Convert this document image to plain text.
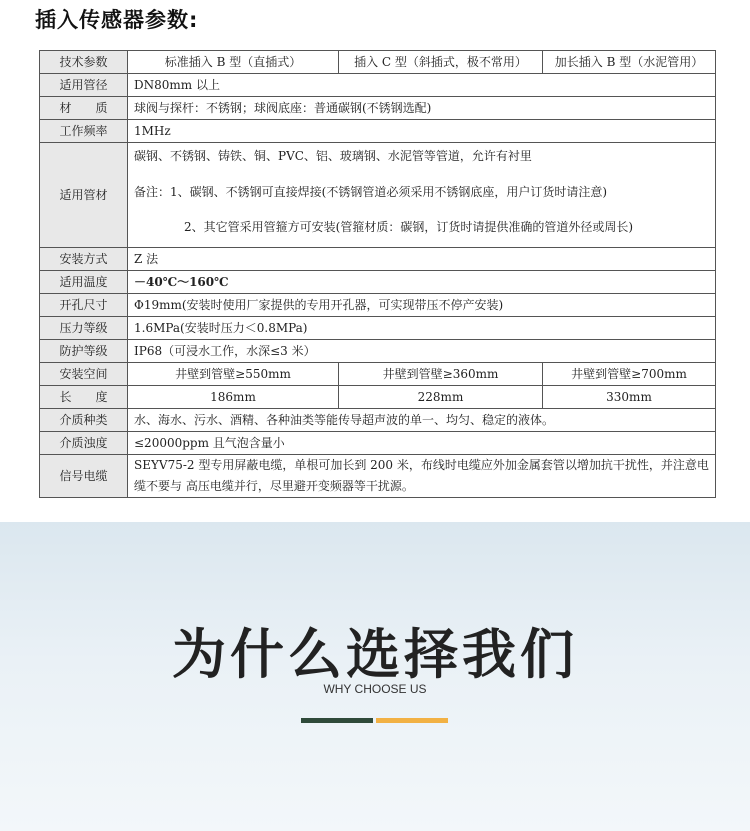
插入传感器参数:
技术参数	标准插入 B 型（直插式）	插入 C 型（斜插式，极不常用）	加长插入 B 型（水泥管用）
适用管径	DN80mm 以上		
材　　质	球阀与探杆：不锈钢；球阀底座：普通碳钢(不锈钢选配)		
工作频率	1MHz		
适用管材	碳钢、不锈钢、铸铁、铜、PVC、铝、玻璃钢、水泥管等管道，允许有衬里
备注：1、碳钢、不锈钢可直接焊接(不锈钢管道必须采用不锈钢底座，用户订货时请注意)
2、其它管采用管箍方可安装(管箍材质：碳钢，订货时请提供准确的管道外径或周长)		

安装方式	Z 法		
适用温度	－40℃～160℃		
开孔尺寸	Φ19mm(安装时使用厂家提供的专用开孔器，可实现带压不停产安装)		
压力等级	1.6MPa(安装时压力＜0.8MPa)		
防护等级	IP68（可浸水工作，水深≤3 米）		
安装空间	井壁到管壁≥550mm	井壁到管壁≥360mm	井壁到管壁≥700mm
长　　度	186mm	228mm	330mm
介质种类	水、海水、污水、酒精、各种油类等能传导超声波的单一、均匀、稳定的液体。		
介质浊度	≤20000ppm 且气泡含量小		
信号电缆	SEYV75-2 型专用屏蔽电缆，单根可加长到 200 米，布线时电缆应外加金属套管以增加抗干扰性，并注意电缆不要与 高压电缆并行，尽里避开变频器等干扰源。		
为什么选择我们
WHY CHOOSE US
